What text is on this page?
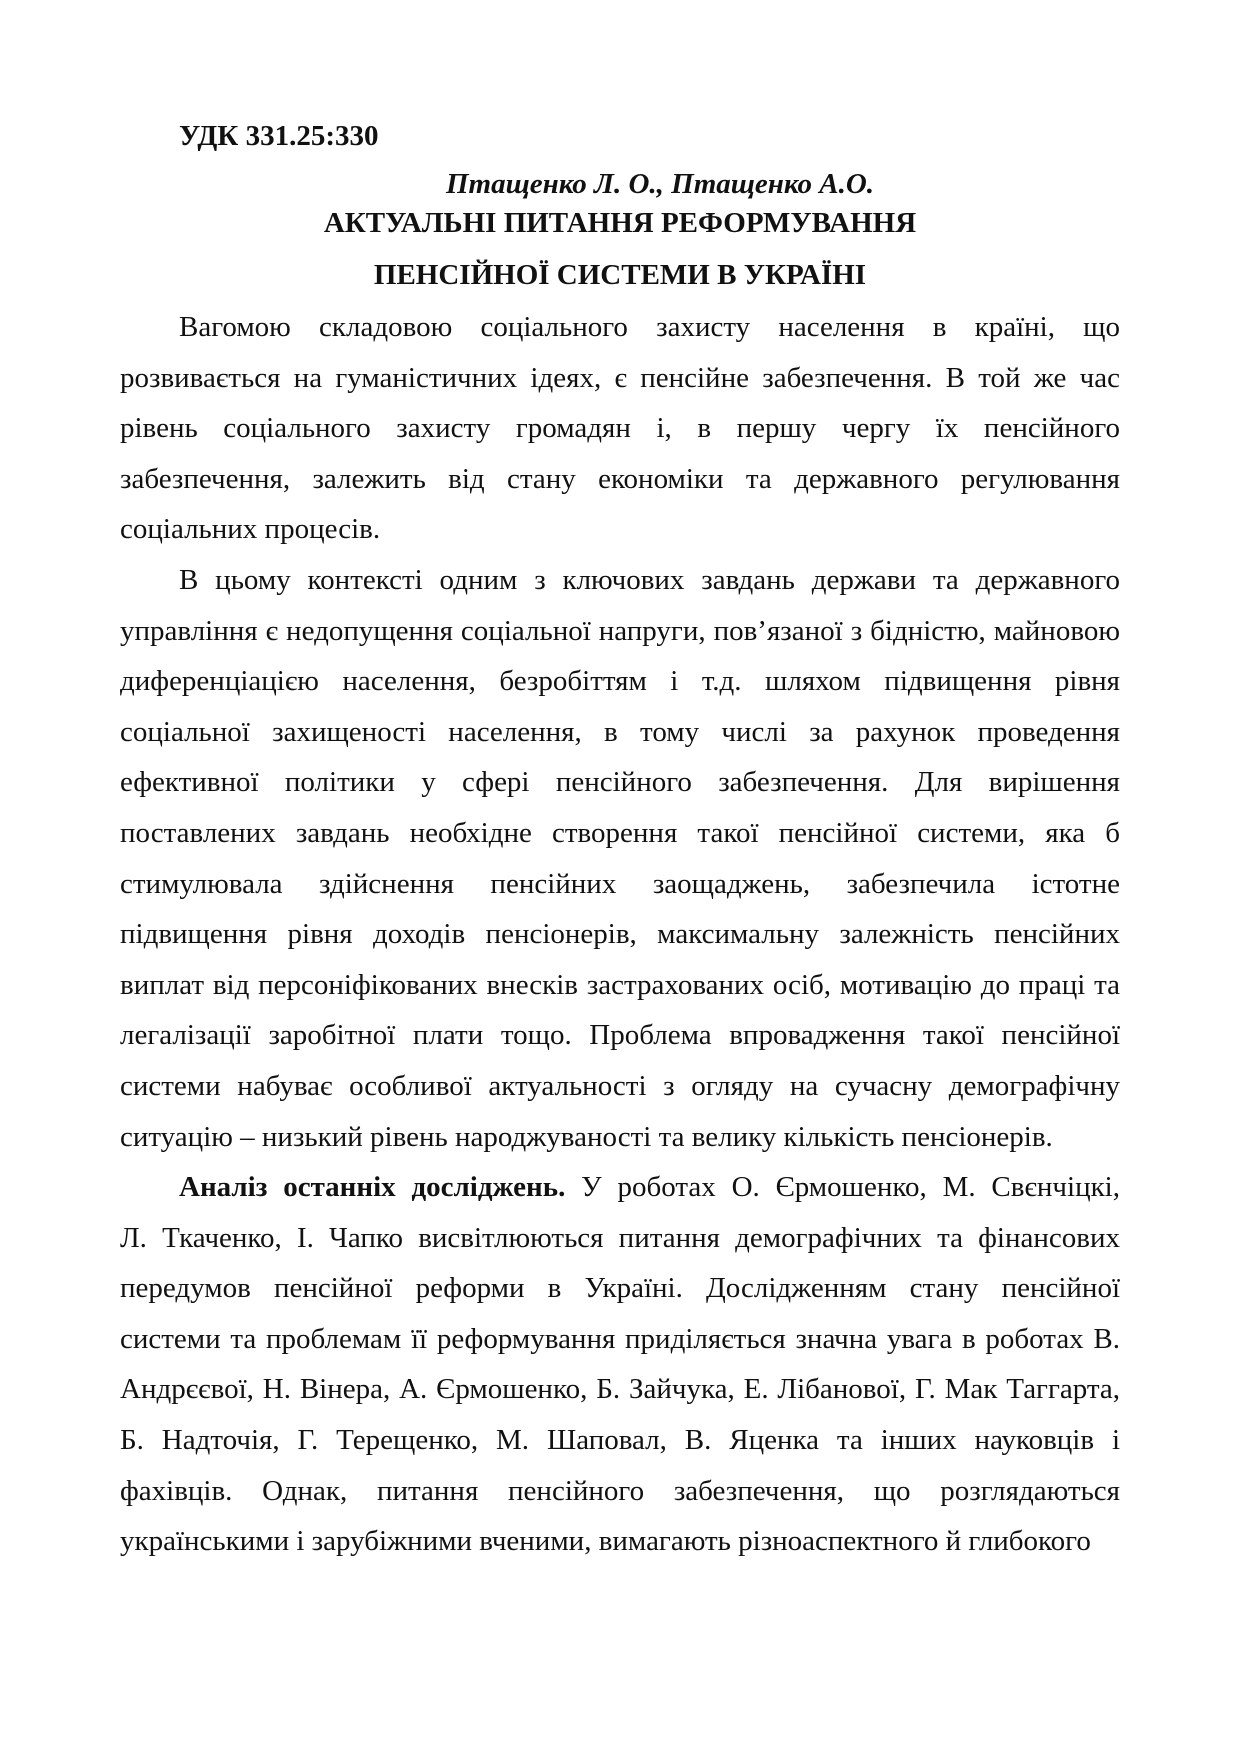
УДК 331.25:330
Птащенко Л. О., Птащенко А.О.
АКТУАЛЬНІ ПИТАННЯ РЕФОРМУВАННЯ
ПЕНСІЙНОЇ СИСТЕМИ В УКРАЇНІ
Вагомою складовою соціального захисту населення в країні, що
розвивається на гуманістичних ідеях, є пенсійне забезпечення. В той же час
рівень соціального захисту громадян і, в першу чергу їх пенсійного
забезпечення, залежить від стану економіки та державного регулювання
соціальних процесів.
В цьому контексті одним з ключових завдань держави та державного
управління є недопущення соціальної напруги, пов’язаної з бідністю, майновою
диференціацією населення, безробіттям і т.д. шляхом підвищення рівня
соціальної захищеності населення, в тому числі за рахунок проведення
ефективної політики у сфері пенсійного забезпечення. Для вирішення
поставлених завдань необхідне створення такої пенсійної системи, яка б
стимулювала здійснення пенсійних заощаджень, забезпечила істотне
підвищення рівня доходів пенсіонерів, максимальну залежність пенсійних
виплат від персоніфікованих внесків застрахованих осіб, мотивацію до праці та
легалізації заробітної плати тощо. Проблема впровадження такої пенсійної
системи набуває особливої актуальності з огляду на сучасну демографічну
ситуацію – низький рівень народжуваності та велику кількість пенсіонерів.
Аналіз останніх досліджень. У роботах О. Єрмошенко, М. Свєнчіцкі,
Л. Ткаченко, І. Чапко висвітлюються питання демографічних та фінансових
передумов пенсійної реформи в Україні. Дослідженням стану пенсійної
системи та проблемам її реформування приділяється значна увага в роботах В.
Андрєєвої, Н. Вінера, А. Єрмошенко, Б. Зайчука, Е. Лібанової, Г. Мак Таггарта,
Б. Надточія, Г. Терещенко, М. Шаповал, В. Яценка та інших науковців і
фахівців. Однак, питання пенсійного забезпечення, що розглядаються
українськими і зарубіжними вченими, вимагають різноаспектного й глибокого
